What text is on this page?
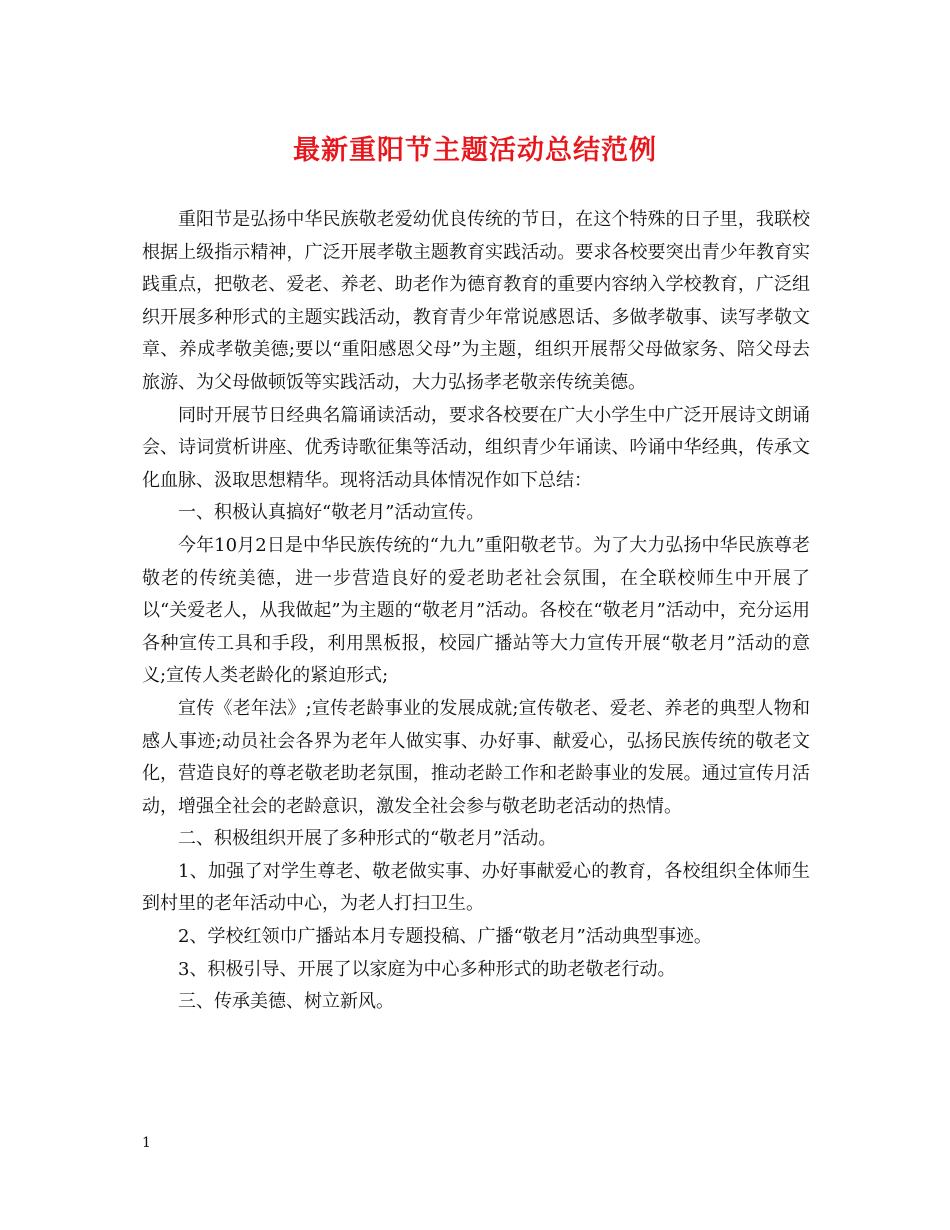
最新重阳节主题活动总结范例

重阳节是弘扬中华民族敬老爱幼优良传统的节日，在这个特殊的日子里，我联校根据上级指示精神，广泛开展孝敬主题教育实践活动。要求各校要突出青少年教育实践重点，把敬老、爱老、养老、助老作为德育教育的重要内容纳入学校教育，广泛组织开展多种形式的主题实践活动，教育青少年常说感恩话、多做孝敬事、读写孝敬文章、养成孝敬美德;要以“重阳感恩父母”为主题，组织开展帮父母做家务、陪父母去旅游、为父母做顿饭等实践活动，大力弘扬孝老敬亲传统美德。

同时开展节日经典名篇诵读活动，要求各校要在广大小学生中广泛开展诗文朗诵会、诗词赏析讲座、优秀诗歌征集等活动，组织青少年诵读、吟诵中华经典，传承文化血脉、汲取思想精华。现将活动具体情况作如下总结：

一、积极认真搞好“敬老月”活动宣传。

今年10月2日是中华民族传统的“九九”重阳敬老节。为了大力弘扬中华民族尊老敬老的传统美德，进一步营造良好的爱老助老社会氛围，在全联校师生中开展了以“关爱老人，从我做起”为主题的“敬老月”活动。各校在“敬老月”活动中，充分运用各种宣传工具和手段，利用黑板报，校园广播站等大力宣传开展“敬老月”活动的意义;宣传人类老龄化的紧迫形式;

宣传《老年法》;宣传老龄事业的发展成就;宣传敬老、爱老、养老的典型人物和感人事迹;动员社会各界为老年人做实事、办好事、献爱心，弘扬民族传统的敬老文化，营造良好的尊老敬老助老氛围，推动老龄工作和老龄事业的发展。通过宣传月活动，增强全社会的老龄意识，激发全社会参与敬老助老活动的热情。

二、积极组织开展了多种形式的“敬老月”活动。

1、加强了对学生尊老、敬老做实事、办好事献爱心的教育，各校组织全体师生到村里的老年活动中心，为老人打扫卫生。

2、学校红领巾广播站本月专题投稿、广播“敬老月”活动典型事迹。

3、积极引导、开展了以家庭为中心多种形式的助老敬老行动。

三、传承美德、树立新风。

1
